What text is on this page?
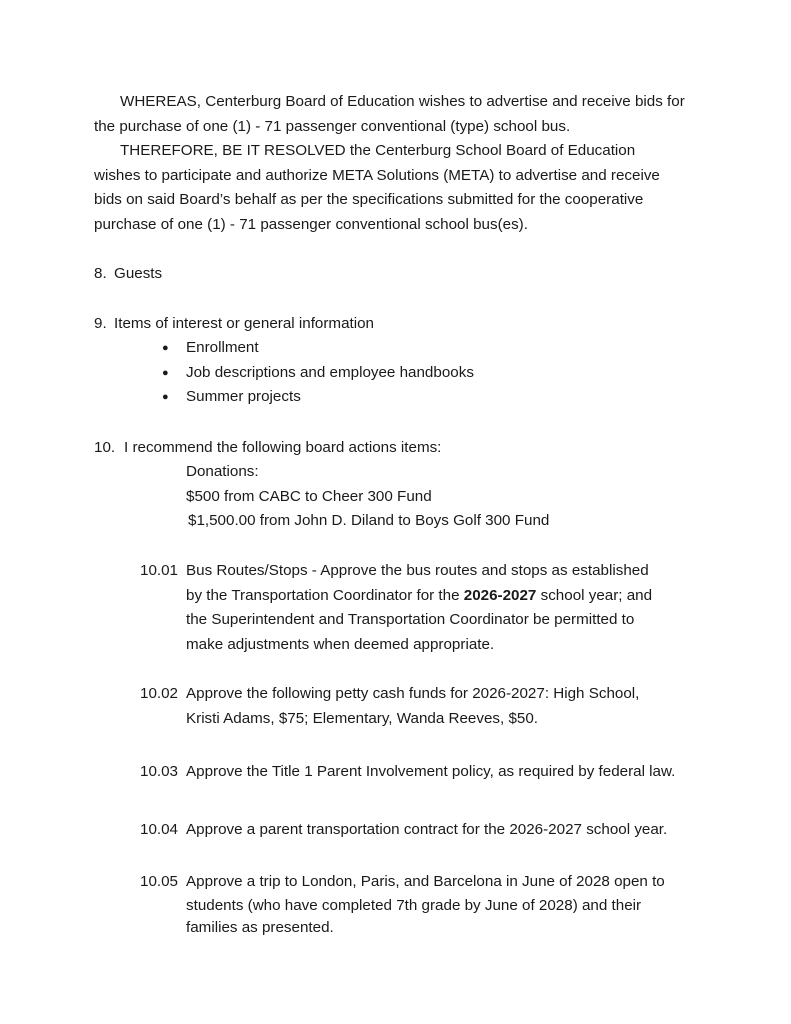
WHEREAS, Centerburg Board of Education wishes to advertise and receive bids for
the purchase of one (1) - 71 passenger conventional (type) school bus.
THEREFORE, BE IT RESOLVED the Centerburg School Board of Education
wishes to participate and authorize META Solutions (META) to advertise and receive
bids on said Board’s behalf as per the specifications submitted for the cooperative
purchase of one (1) - 71 passenger conventional school bus(es).
8. Guests
9. Items of interest or general information
● Enrollment
● Job descriptions and employee handbooks
● Summer projects
10. I recommend the following board actions items:
Donations:
$500 from CABC to Cheer 300 Fund
$1,500.00 from John D. Diland to Boys Golf 300 Fund
10.01 Bus Routes/Stops - Approve the bus routes and stops as established
by the Transportation Coordinator for the 2026-2027 school year; and
the Superintendent and Transportation Coordinator be permitted to
make adjustments when deemed appropriate.
10.02 Approve the following petty cash funds for 2026-2027: High School,
Kristi Adams, $75; Elementary, Wanda Reeves, $50.
10.03 Approve the Title 1 Parent Involvement policy, as required by federal law.
10.04 Approve a parent transportation contract for the 2026-2027 school year.
10.05 Approve a trip to London, Paris, and Barcelona in June of 2028 open to
students (who have completed 7th grade by June of 2028) and their
families as presented.
